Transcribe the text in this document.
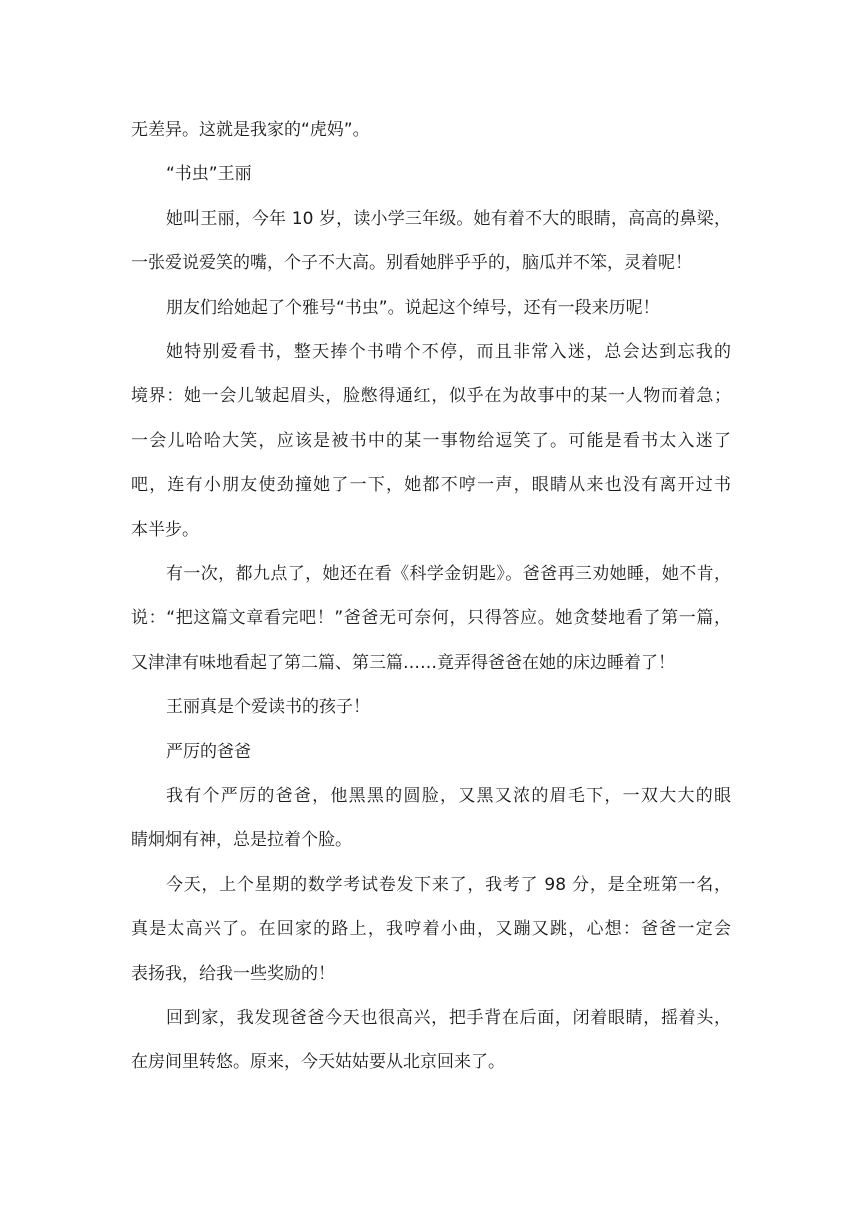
无差异。这就是我家的“虎妈”。
“书虫”王丽
她叫王丽，今年 10 岁，读小学三年级。她有着不大的眼睛，高高的鼻梁，
一张爱说爱笑的嘴，个子不大高。别看她胖乎乎的，脑瓜并不笨，灵着呢！
朋友们给她起了个雅号“书虫”。说起这个绰号，还有一段来历呢！
她特别爱看书，整天捧个书啃个不停，而且非常入迷，总会达到忘我的
境界：她一会儿皱起眉头，脸憋得通红，似乎在为故事中的某一人物而着急；
一会儿哈哈大笑，应该是被书中的某一事物给逗笑了。可能是看书太入迷了
吧，连有小朋友使劲撞她了一下，她都不哼一声，眼睛从来也没有离开过书
本半步。
有一次，都九点了，她还在看《科学金钥匙》。爸爸再三劝她睡，她不肯，
说：“把这篇文章看完吧！”爸爸无可奈何，只得答应。她贪婪地看了第一篇，
又津津有味地看起了第二篇、第三篇……竟弄得爸爸在她的床边睡着了！
王丽真是个爱读书的孩子！
严厉的爸爸
我有个严厉的爸爸，他黑黑的圆脸，又黑又浓的眉毛下，一双大大的眼
睛炯炯有神，总是拉着个脸。
今天，上个星期的数学考试卷发下来了，我考了 98 分，是全班第一名，
真是太高兴了。在回家的路上，我哼着小曲，又蹦又跳，心想：爸爸一定会
表扬我，给我一些奖励的！
回到家，我发现爸爸今天也很高兴，把手背在后面，闭着眼睛，摇着头，
在房间里转悠。原来，今天姑姑要从北京回来了。
